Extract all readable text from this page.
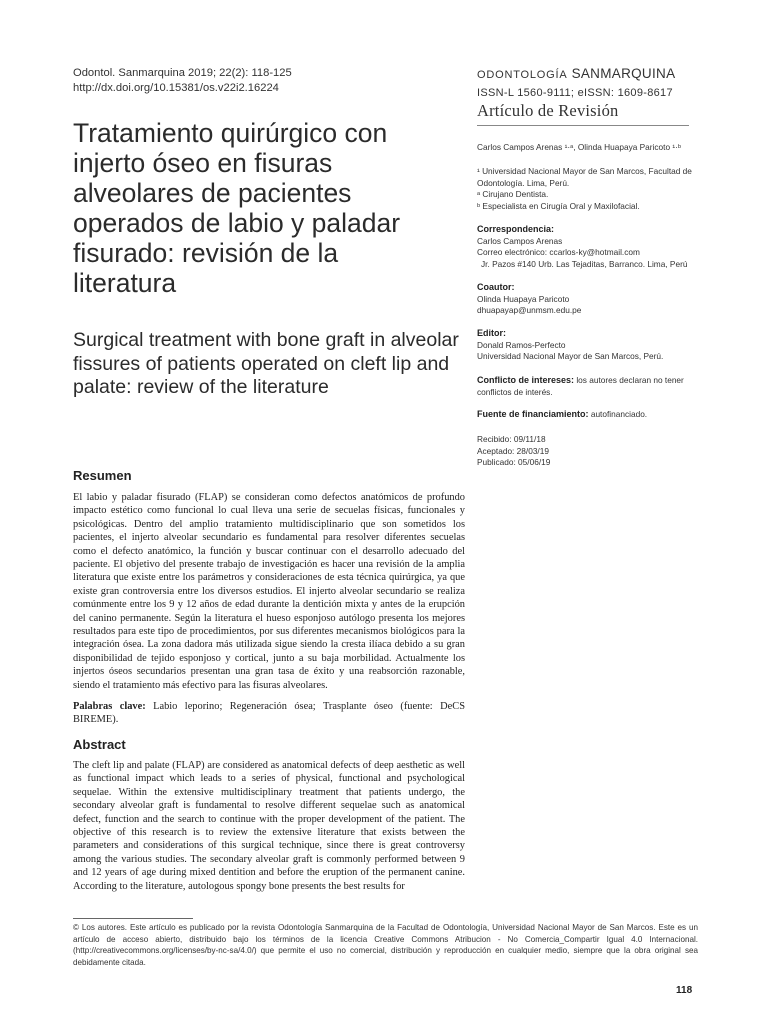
Odontol. Sanmarquina 2019; 22(2): 118-125
http://dx.doi.org/10.15381/os.v22i2.16224
ODONTOLOGÍA SANMARQUINA
ISSN-L 1560-9111; eISSN: 1609-8617
Artículo de Revisión
Tratamiento quirúrgico con injerto óseo en fisuras alveolares de pacientes operados de labio y paladar fisurado: revisión de la literatura
Surgical treatment with bone graft in alveolar fissures of patients operated on cleft lip and palate: review of the literature
Carlos Campos Arenas ¹·ᵃ, Olinda Huapaya Paricoto ¹·ᵇ

¹ Universidad Nacional Mayor de San Marcos, Facultad de Odontología. Lima, Perú.

ᵃ Cirujano Dentista.

ᵇ Especialista en Cirugía Oral y Maxilofacial.

Correspondencia:

Carlos Campos Arenas

Correo electrónico: ccarlos-ky@hotmail.com

Jr. Pazos #140 Urb. Las Tejaditas, Barranco. Lima, Perú

Coautor:

Olinda Huapaya Paricoto

dhuapayap@unmsm.edu.pe

Editor:

Donald Ramos-Perfecto

Universidad Nacional Mayor de San Marcos, Perú.

Conflicto de intereses: los autores declaran no tener conflictos de interés.
Fuente de financiamiento: autofinanciado.

Recibido: 09/11/18

Aceptado: 28/03/19

Publicado: 05/06/19

Resumen

El labio y paladar fisurado (FLAP) se consideran como defectos anatómicos de profundo impacto estético como funcional lo cual lleva una serie de secuelas físicas, funcionales y psicológicas. Dentro del amplio tratamiento multidisciplinario que son sometidos los pacientes, el injerto alveolar secundario es fundamental para resolver diferentes secuelas como el defecto anatómico, la función y buscar continuar con el desarrollo adecuado del paciente. El objetivo del presente trabajo de investigación es hacer una revisión de la amplia literatura que existe entre los parámetros y consideraciones de esta técnica quirúrgica, ya que existe gran controversia entre los diversos estudios. El injerto alveolar secundario se realiza comúnmente entre los 9 y 12 años de edad durante la dentición mixta y antes de la erupción del canino permanente. Según la literatura el hueso esponjoso autólogo presenta los mejores resultados para este tipo de procedimientos, por sus diferentes mecanismos biológicos para la integración ósea. La zona dadora más utilizada sigue siendo la cresta ilíaca debido a su gran disponibilidad de tejido esponjoso y cortical, junto a su baja morbilidad. Actualmente los injertos óseos secundarios presentan una gran tasa de éxito y una reabsorción razonable, siendo el tratamiento más efectivo para las fisuras alveolares.

Palabras clave: Labio leporino; Regeneración ósea; Trasplante óseo (fuente: DeCS BIREME).

Abstract

The cleft lip and palate (FLAP) are considered as anatomical defects of deep aesthetic as well as functional impact which leads to a series of physical, functional and psychological sequelae. Within the extensive multidisciplinary treatment that patients undergo, the secondary alveolar graft is fundamental to resolve different sequelae such as anatomical defect, function and the search to continue with the proper development of the patient. The objective of this research is to review the extensive literature that exists between the parameters and considerations of this surgical technique, since there is great controversy among the various studies. The secondary alveolar graft is commonly performed between 9 and 12 years of age during mixed dentition and before the eruption of the permanent canine. According to the literature, autologous spongy bone presents the best results for

© Los autores. Este artículo es publicado por la revista Odontología Sanmarquina de la Facultad de Odontología, Universidad Nacional Mayor de San Marcos. Este es un artículo de acceso abierto, distribuido bajo los términos de la licencia Creative Commons Atribucion - No Comercia_Compartir Igual 4.0 Internacional. (http://creativecommons.org/licenses/by-nc-sa/4.0/) que permite el uso no comercial, distribución y reproducción en cualquier medio, siempre que la obra original sea debidamente citada.

118
